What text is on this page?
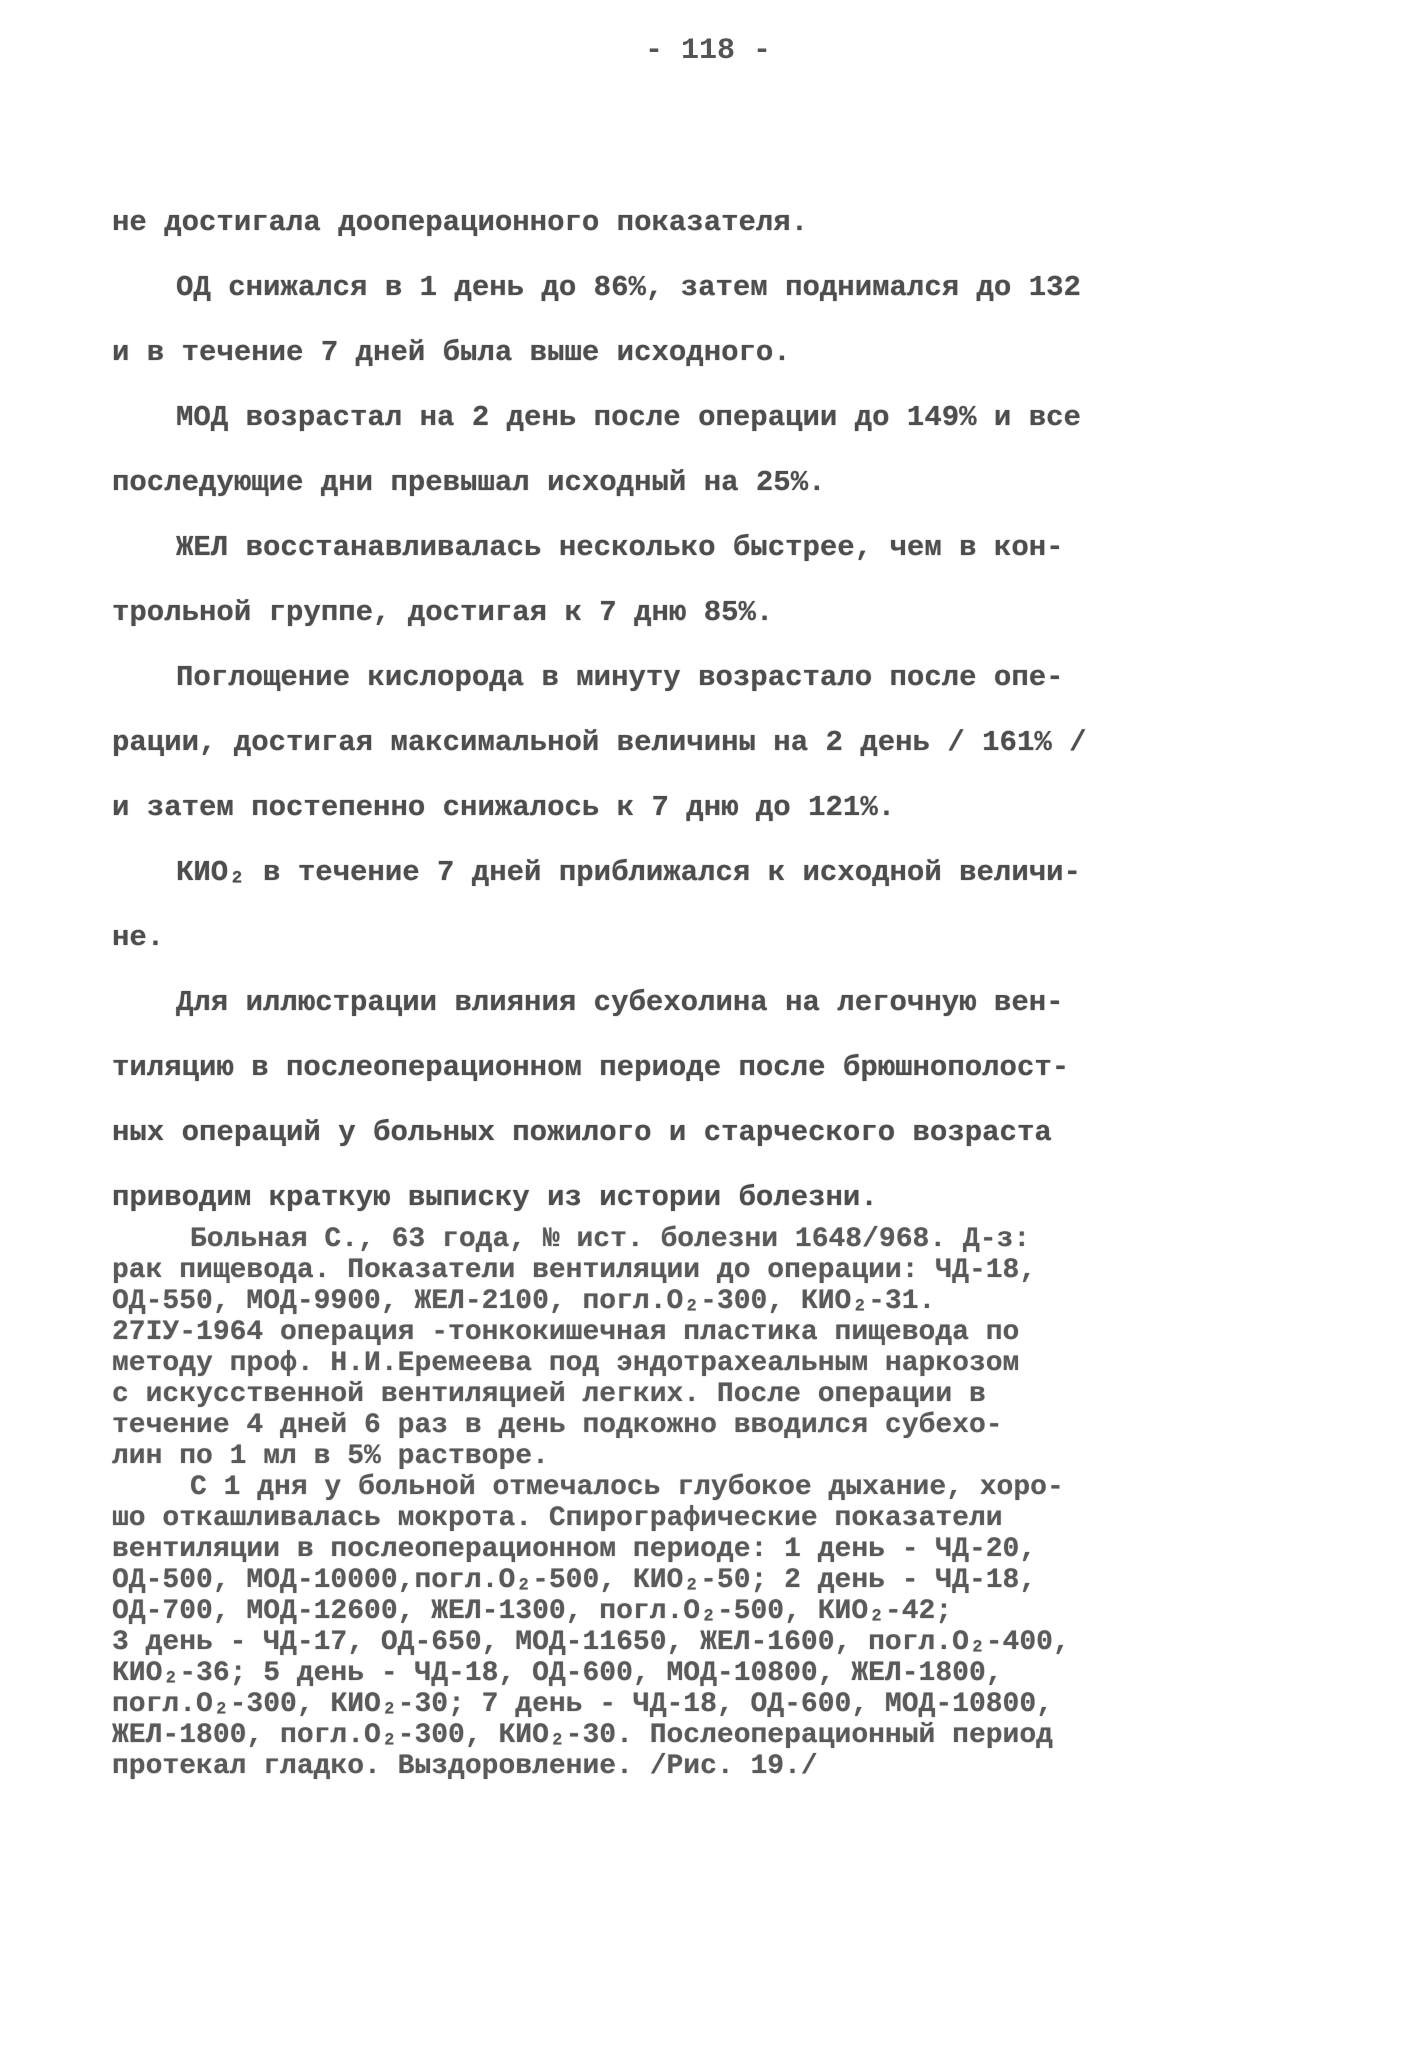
- 118 -

не достигала дооперационного показателя.

ОД снижался в 1 день до 86%, затем поднимался до 132
и в течение 7 дней была выше исходного.

МОД возрастал на 2 день после операции до 149% и все
последующие дни превышал исходный на 25%.

ЖЕЛ восстанавливалась несколько быстрее, чем в кон-
трольной группе, достигая к 7 дню 85%.

Поглощение кислорода в минуту возрастало после опе-
рации, достигая максимальной величины на 2 день / 161% /
и затем постепенно снижалось к 7 дню до 121%.

КИО₂ в течение 7 дней приближался к исходной величи-
не.

Для иллюстрации влияния субехолина на легочную вен-
тиляцию в послеоперационном периоде после брюшнополост-
ных операций у больных пожилого и старческого возраста
приводим краткую выписку из истории болезни.

Больная С., 63 года, № ист. болезни 1648/968. Д-з:
рак пищевода. Показатели вентиляции до операции: ЧД-18,
ОД-550, МОД-9900, ЖЕЛ-2100, погл.О₂-300, КИО₂-31.
27IУ-1964 операция -тонкокишечная пластика пищевода по
методу проф. Н.И.Еремеева под эндотрахеальным наркозом
с искусственной вентиляцией легких. После операции в
течение 4 дней 6 раз в день подкожно вводился субехо-
лин по 1 мл в 5% растворе.

С 1 дня у больной отмечалось глубокое дыхание, хоро-
шо откашливалась мокрота. Спирографические показатели
вентиляции в послеоперационном периоде: 1 день - ЧД-20,
ОД-500, МОД-10000,погл.О₂-500, КИО₂-50; 2 день - ЧД-18,
ОД-700, МОД-12600, ЖЕЛ-1300, погл.О₂-500, КИО₂-42;
3 день - ЧД-17, ОД-650, МОД-11650, ЖЕЛ-1600, погл.О₂-400,
КИО₂-36; 5 день - ЧД-18, ОД-600, МОД-10800, ЖЕЛ-1800,
погл.О₂-300, КИО₂-30; 7 день - ЧД-18, ОД-600, МОД-10800,
ЖЕЛ-1800, погл.О₂-300, КИО₂-30. Послеоперационный период
протекал гладко. Выздоровление. /Рис. 19./
